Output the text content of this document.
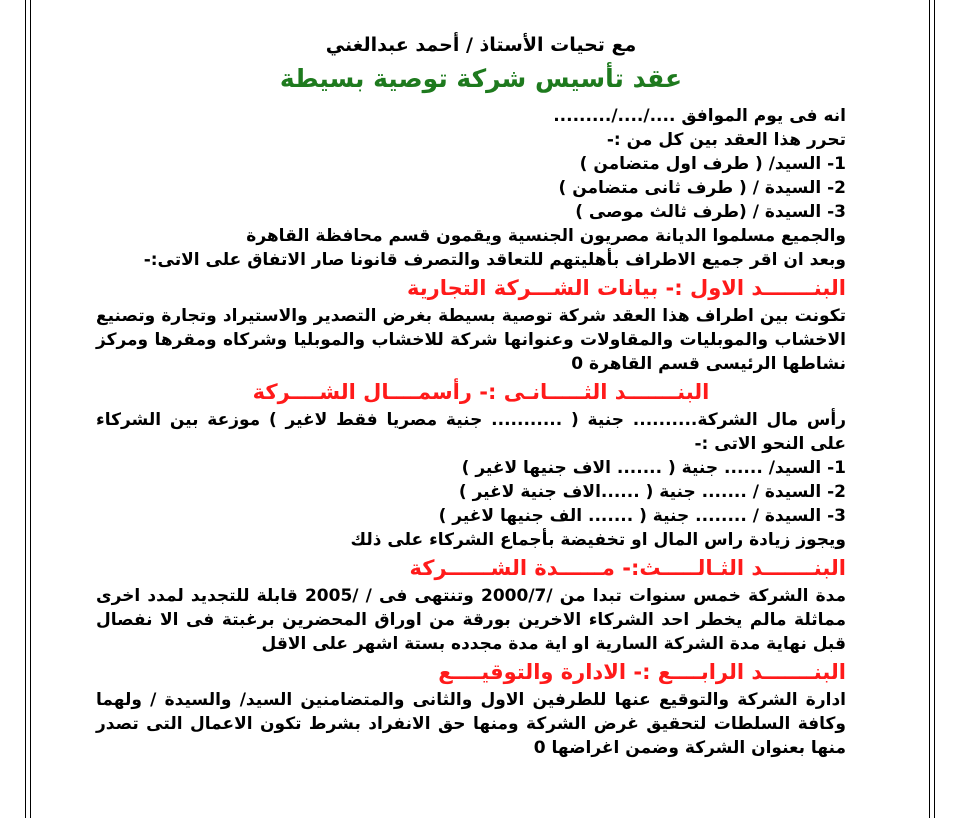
مع تحيات الأستاذ / أحمد عبدالغني
عقد تأسيس شركة توصية بسيطة
انه فى يوم الموافق ..../..../.........
تحرر هذا العقد بين كل من :-
1- السيد/ ( طرف اول متضامن )
2- السيدة / ( طرف ثانى متضامن )
3- السيدة / (طرف ثالث موصى )
والجميع مسلموا الديانة مصريون الجنسية ويقمون قسم محافظة القاهرة
وبعد ان اقر جميع الاطراف بأهليتهم للتعاقد والتصرف قانونا صار الاتفاق على الاتى:-
البنـــــــد الاول :- بيانات الشـــركة التجارية
تكونت بين اطراف هذا العقد شركة توصية بسيطة بغرض التصدير والاستيراد وتجارة وتصنيع الاخشاب والموبليات والمقاولات وعنوانها شركة للاخشاب والموبليا وشركاه ومقرها ومركز نشاطها الرئيسى قسم القاهرة 0
البنـــــــد الثـــــانـى :- رأسمــــال الشــــركة
رأس مال الشركة.......... جنية ( ........... جنية مصريا فقط لاغير ) موزعة بين الشركاء على النحو الاتى :-
1- السيد/ ...... جنية ( ....... الاف جنيها لاغير )
2- السيدة / ....... جنية ( ......الاف جنية لاغير )
3- السيدة / ........ جنية ( ....... الف جنيها لاغير )
ويجوز زيادة راس المال او تخفيضة بأجماع الشركاء على ذلك
البنـــــــد الثـالـــــث:- مــــــدة الشــــــركة
مدة الشركة خمس سنوات تبدا من /2000/7 وتنتهى فى / /2005 قابلة للتجديد لمدد اخرى مماثلة مالم يخطر احد الشركاء الاخرين بورقة من اوراق المحضرين برغبتة فى الا نفصال قبل نهاية مدة الشركة السارية او اية مدة مجدده بستة اشهر على الاقل
البنـــــــد الرابــــع :- الادارة والتوقيــــع
ادارة الشركة والتوقيع عنها للطرفين الاول والثانى والمتضامنين السيد/ والسيدة / ولهما وكافة السلطات لتحقيق غرض الشركة ومنها حق الانفراد بشرط تكون الاعمال التى تصدر منها بعنوان الشركة وضمن اغراضها 0
